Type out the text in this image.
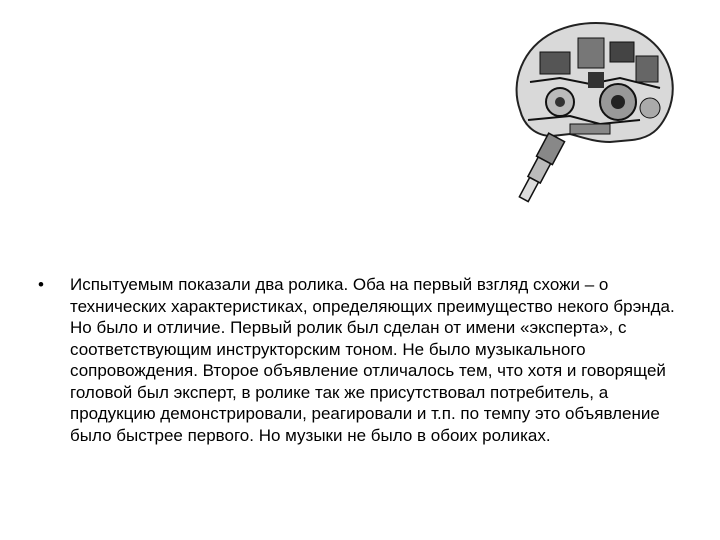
•	Испытуемым показали два ролика. Оба на первый взгляд схожи – о технических характеристиках, определяющих преимущество некого брэнда. Но было и отличие. Первый ролик был сделан от имени «эксперта», с соответствующим инструкторским тоном. Не было музыкального сопровождения. Второе объявление отличалось тем, что хотя и говорящей головой был эксперт, в ролике так же присутствовал потребитель, а продукцию демонстрировали, реагировали и т.п. по темпу это объявление было быстрее первого. Но музыки не было в обоих роликах.
